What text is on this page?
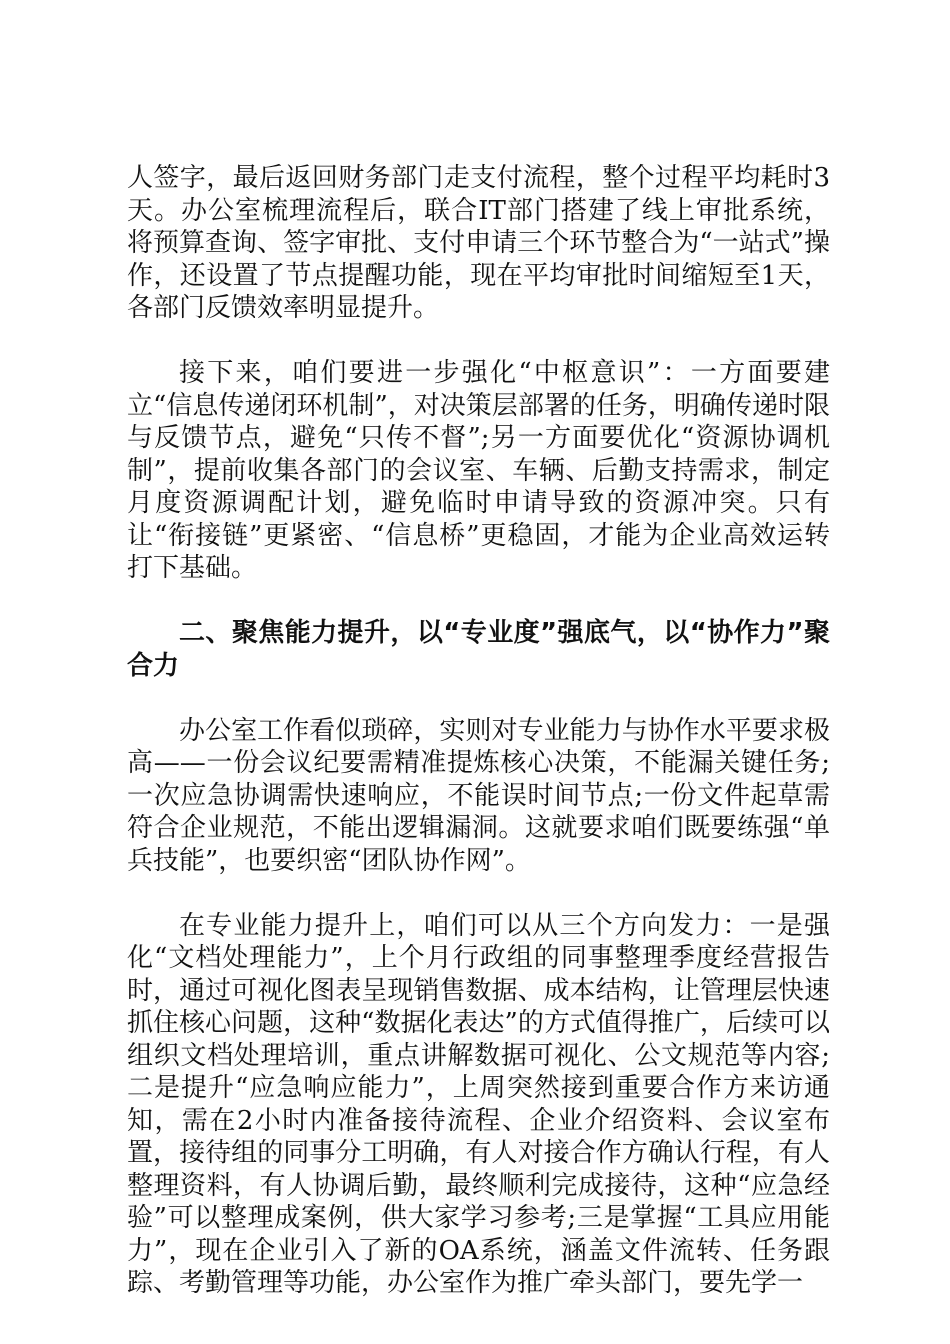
人签字，最后返回财务部门走支付流程，整个过程平均耗时3天。办公室梳理流程后，联合IT部门搭建了线上审批系统，将预算查询、签字审批、支付申请三个环节整合为“一站式”操作，还设置了节点提醒功能，现在平均审批时间缩短至1天，各部门反馈效率明显提升。

接下来，咱们要进一步强化“中枢意识”：一方面要建立“信息传递闭环机制”，对决策层部署的任务，明确传递时限与反馈节点，避免“只传不督”;另一方面要优化“资源协调机制”，提前收集各部门的会议室、车辆、后勤支持需求，制定月度资源调配计划，避免临时申请导致的资源冲突。只有让“衔接链”更紧密、“信息桥”更稳固，才能为企业高效运转打下基础。

二、聚焦能力提升，以“专业度”强底气，以“协作力”聚合力

办公室工作看似琐碎，实则对专业能力与协作水平要求极高——一份会议纪要需精准提炼核心决策，不能漏关键任务;一次应急协调需快速响应，不能误时间节点;一份文件起草需符合企业规范，不能出逻辑漏洞。这就要求咱们既要练强“单兵技能”，也要织密“团队协作网”。

在专业能力提升上，咱们可以从三个方向发力：一是强化“文档处理能力”，上个月行政组的同事整理季度经营报告时，通过可视化图表呈现销售数据、成本结构，让管理层快速抓住核心问题，这种“数据化表达”的方式值得推广，后续可以组织文档处理培训，重点讲解数据可视化、公文规范等内容;二是提升“应急响应能力”，上周突然接到重要合作方来访通知，需在2小时内准备接待流程、企业介绍资料、会议室布置，接待组的同事分工明确，有人对接合作方确认行程，有人整理资料，有人协调后勤，最终顺利完成接待，这种“应急经验”可以整理成案例，供大家学习参考;三是掌握“工具应用能力”，现在企业引入了新的OA系统，涵盖文件流转、任务跟踪、考勤管理等功能，办公室作为推广牵头部门，要先学一
